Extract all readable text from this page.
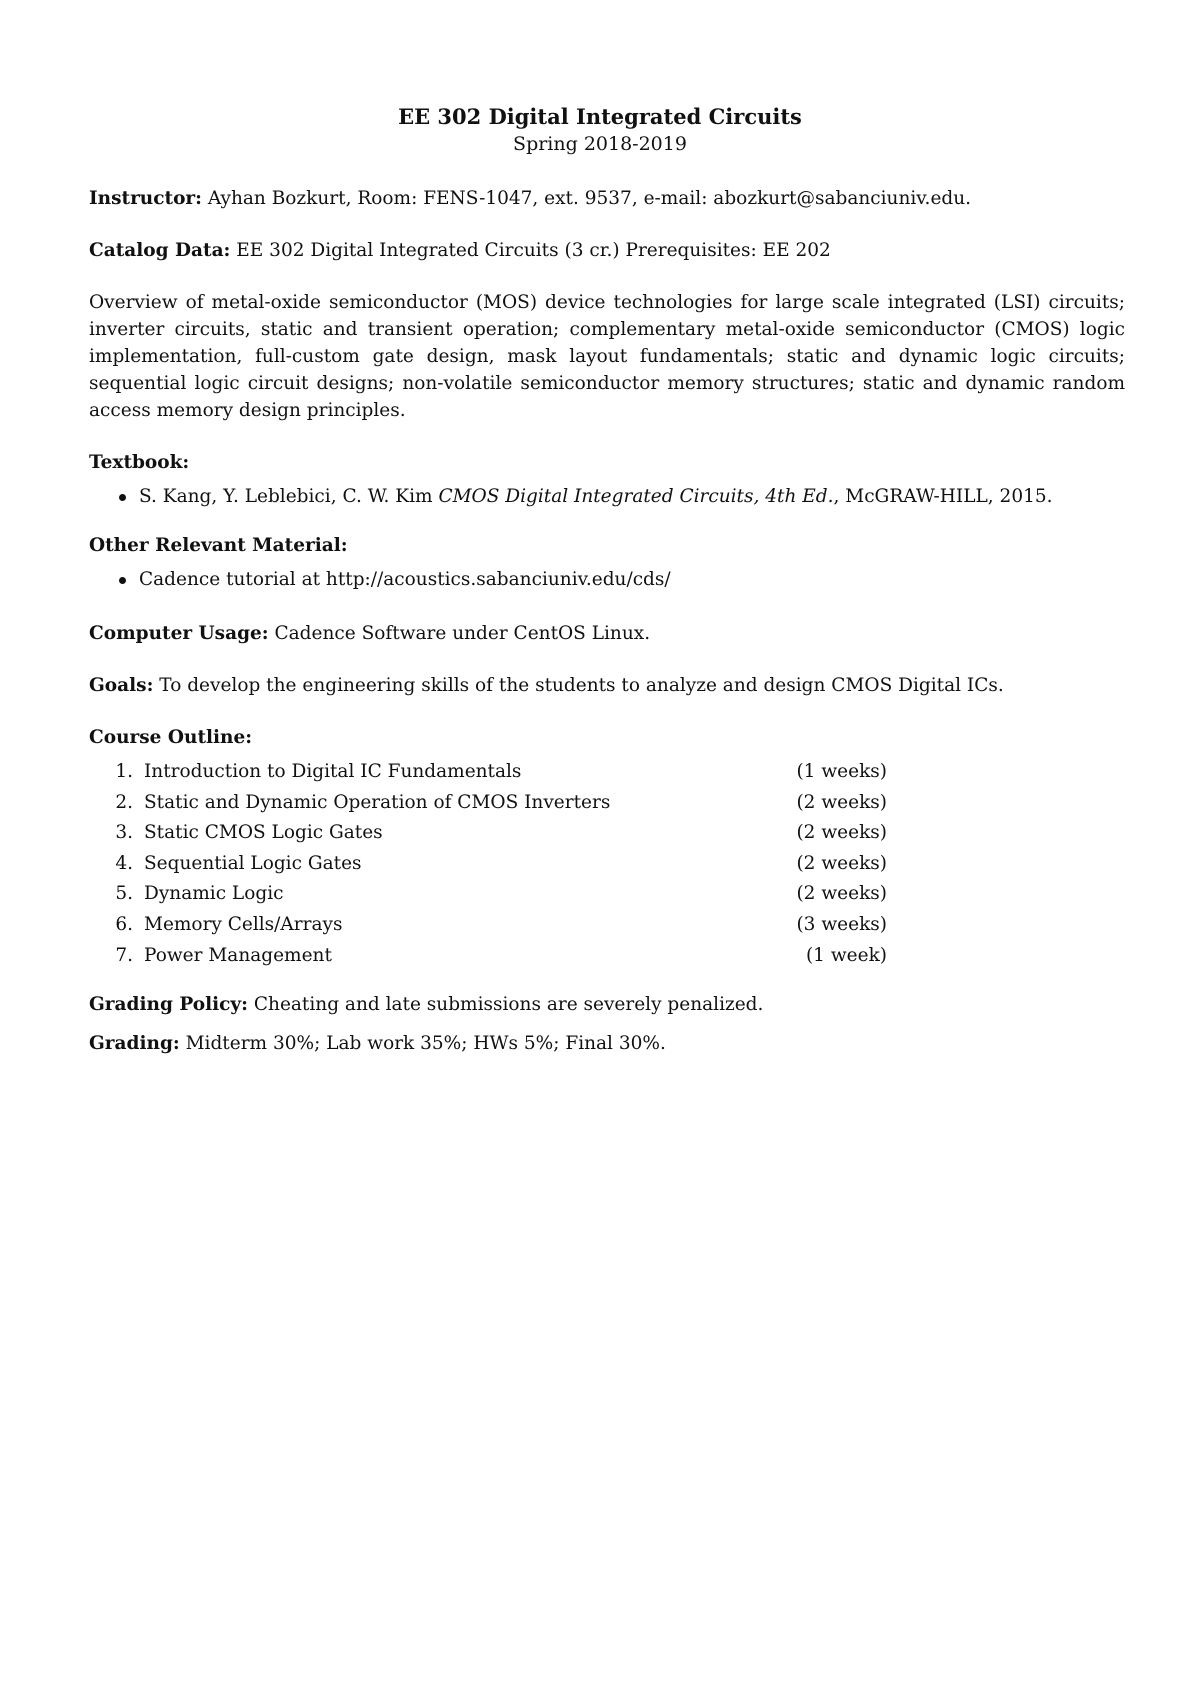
EE 302 Digital Integrated Circuits

Spring 2018-2019

Instructor: Ayhan Bozkurt, Room: FENS-1047, ext. 9537, e-mail: abozkurt@sabanciuniv.edu.

Catalog Data: EE 302 Digital Integrated Circuits (3 cr.) Prerequisites: EE 202

Overview of metal-oxide semiconductor (MOS) device technologies for large scale integrated (LSI) circuits; inverter circuits, static and transient operation; complementary metal-oxide semiconductor (CMOS) logic implementation, full-custom gate design, mask layout fundamentals; static and dynamic logic circuits; sequential logic circuit designs; non-volatile semiconductor memory structures; static and dynamic random access memory design principles.

Textbook:

S. Kang, Y. Leblebici, C. W. Kim CMOS Digital Integrated Circuits, 4th Ed., McGRAW-HILL, 2015.

Other Relevant Material:

Cadence tutorial at http://acoustics.sabanciuniv.edu/cds/

Computer Usage: Cadence Software under CentOS Linux.

Goals: To develop the engineering skills of the students to analyze and design CMOS Digital ICs.

Course Outline:

1. Introduction to Digital IC Fundamentals	(1 weeks)
2. Static and Dynamic Operation of CMOS Inverters	(2 weeks)
3. Static CMOS Logic Gates	(2 weeks)
4. Sequential Logic Gates	(2 weeks)
5. Dynamic Logic	(2 weeks)
6. Memory Cells/Arrays	(3 weeks)
7. Power Management	(1 week)

Grading Policy: Cheating and late submissions are severely penalized.

Grading: Midterm 30%; Lab work 35%; HWs 5%; Final 30%.
